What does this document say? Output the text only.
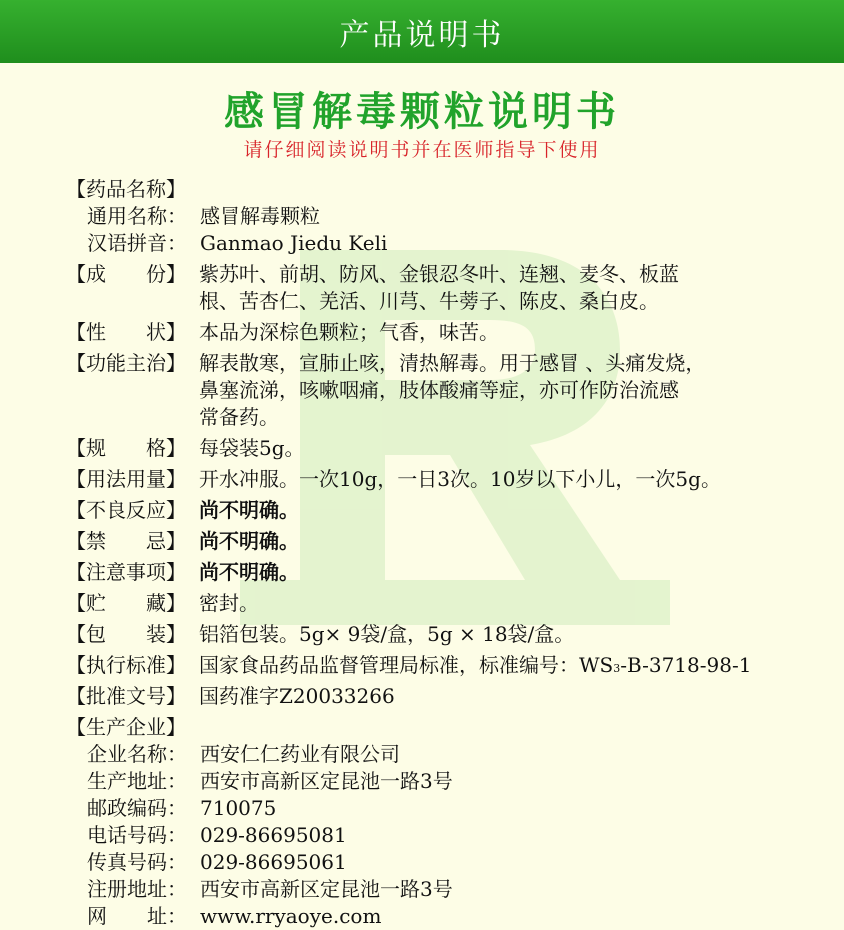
产品说明书
感冒解毒颗粒说明书
请仔细阅读说明书并在医师指导下使用
【药品名称】
通用名称： 感冒解毒颗粒
汉语拼音： Ganmao Jiedu Keli
【成　　份】 紫苏叶、前胡、防风、金银忍冬叶、连翘、麦冬、板蓝
根、苦杏仁、羌活、川芎、牛蒡子、陈皮、桑白皮。
【性　　状】 本品为深棕色颗粒；气香，味苦。
【功能主治】 解表散寒，宣肺止咳，清热解毒。用于感冒 、头痛发烧，
鼻塞流涕，咳嗽咽痛，肢体酸痛等症，亦可作防治流感
常备药。
【规　　格】 每袋装5g。
【用法用量】 开水冲服。一次10g，一日3次。10岁以下小儿，一次5g。
【不良反应】 尚不明确。
【禁　　忌】 尚不明确。
【注意事项】 尚不明确。
【贮　　藏】 密封。
【包　　装】 铝箔包装。5g× 9袋/盒，5g × 18袋/盒。
【执行标准】 国家食品药品监督管理局标准，标准编号：WS3-B-3718-98-1
【批准文号】 国药准字Z20033266
【生产企业】
企业名称： 西安仁仁药业有限公司
生产地址： 西安市高新区定昆池一路3号
邮政编码： 710075
电话号码： 029-86695081
传真号码： 029-86695061
注册地址： 西安市高新区定昆池一路3号
网　　址： www.rryaoye.com
